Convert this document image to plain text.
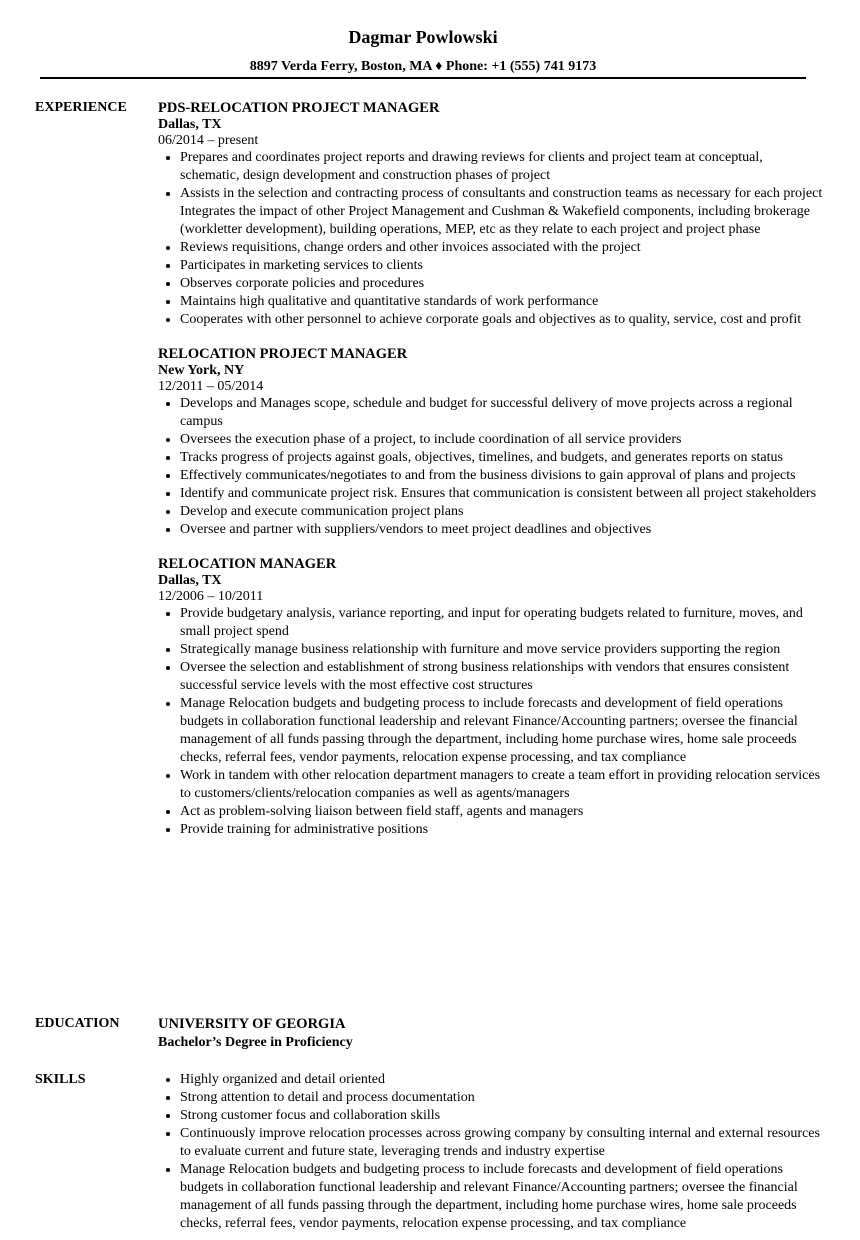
Dagmar Powlowski
8897 Verda Ferry, Boston, MA ♦ Phone: +1 (555) 741 9173
EXPERIENCE PDS-RELOCATION PROJECT MANAGER
Dallas, TX
06/2014 – present
• Prepares and coordinates project reports and drawing reviews for clients and project team at conceptual, schematic, design development and construction phases of project
• Assists in the selection and contracting process of consultants and construction teams as necessary for each project Integrates the impact of other Project Management and Cushman & Wakefield components, including brokerage (workletter development), building operations, MEP, etc as they relate to each project and project phase
• Reviews requisitions, change orders and other invoices associated with the project
• Participates in marketing services to clients
• Observes corporate policies and procedures
• Maintains high qualitative and quantitative standards of work performance
• Cooperates with other personnel to achieve corporate goals and objectives as to quality, service, cost and profit
RELOCATION PROJECT MANAGER
New York, NY
12/2011 – 05/2014
• Develops and Manages scope, schedule and budget for successful delivery of move projects across a regional campus
• Oversees the execution phase of a project, to include coordination of all service providers
• Tracks progress of projects against goals, objectives, timelines, and budgets, and generates reports on status
• Effectively communicates/negotiates to and from the business divisions to gain approval of plans and projects
• Identify and communicate project risk. Ensures that communication is consistent between all project stakeholders
• Develop and execute communication project plans
• Oversee and partner with suppliers/vendors to meet project deadlines and objectives
RELOCATION MANAGER
Dallas, TX
12/2006 – 10/2011
• Provide budgetary analysis, variance reporting, and input for operating budgets related to furniture, moves, and small project spend
• Strategically manage business relationship with furniture and move service providers supporting the region
• Oversee the selection and establishment of strong business relationships with vendors that ensures consistent successful service levels with the most effective cost structures
• Manage Relocation budgets and budgeting process to include forecasts and development of field operations budgets in collaboration functional leadership and relevant Finance/Accounting partners; oversee the financial management of all funds passing through the department, including home purchase wires, home sale proceeds checks, referral fees, vendor payments, relocation expense processing, and tax compliance
• Work in tandem with other relocation department managers to create a team effort in providing relocation services to customers/clients/relocation companies as well as agents/managers
• Act as problem-solving liaison between field staff, agents and managers
• Provide training for administrative positions
EDUCATION	UNIVERSITY OF GEORGIA
Bachelor’s Degree in Proficiency
SKILLS
•	Highly organized and detail oriented
• Strong attention to detail and process documentation
• Strong customer focus and collaboration skills
• Continuously improve relocation processes across growing company by consulting internal and external resources to evaluate current and future state, leveraging trends and industry expertise
• Manage Relocation budgets and budgeting process to include forecasts and development of field operations budgets in collaboration functional leadership and relevant Finance/Accounting partners; oversee the financial management of all funds passing through the department, including home purchase wires, home sale proceeds checks, referral fees, vendor payments, relocation expense processing, and tax compliance
